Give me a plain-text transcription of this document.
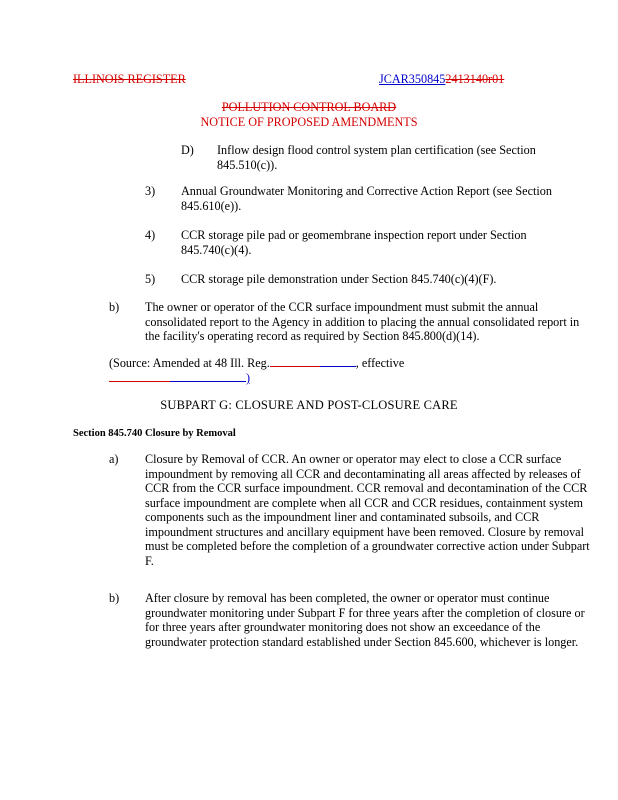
ILLINOIS REGISTER	JCAR3508452413140r01
POLLUTION CONTROL BOARD
NOTICE OF PROPOSED AMENDMENTS
D) Inflow design flood control system plan certification (see Section 845.510(c)).
3) Annual Groundwater Monitoring and Corrective Action Report (see Section 845.610(e)).
4) CCR storage pile pad or geomembrane inspection report under Section 845.740(c)(4).
5) CCR storage pile demonstration under Section 845.740(c)(4)(F).
b) The owner or operator of the CCR surface impoundment must submit the annual consolidated report to the Agency in addition to placing the annual consolidated report in the facility's operating record as required by Section 845.800(d)(14).
(Source: Amended at 48 Ill. Reg.	, effective
)
SUBPART G: CLOSURE AND POST-CLOSURE CARE
Section 845.740 Closure by Removal
a) Closure by Removal of CCR. An owner or operator may elect to close a CCR surface impoundment by removing all CCR and decontaminating all areas affected by releases of CCR from the CCR surface impoundment. CCR removal and decontamination of the CCR surface impoundment are complete when all CCR and CCR residues, containment system components such as the impoundment liner and contaminated subsoils, and CCR impoundment structures and ancillary equipment have been removed. Closure by removal must be completed before the completion of a groundwater corrective action under Subpart F.
b) After closure by removal has been completed, the owner or operator must continue groundwater monitoring under Subpart F for three years after the completion of closure or for three years after groundwater monitoring does not show an exceedance of the groundwater protection standard established under Section 845.600, whichever is longer.
